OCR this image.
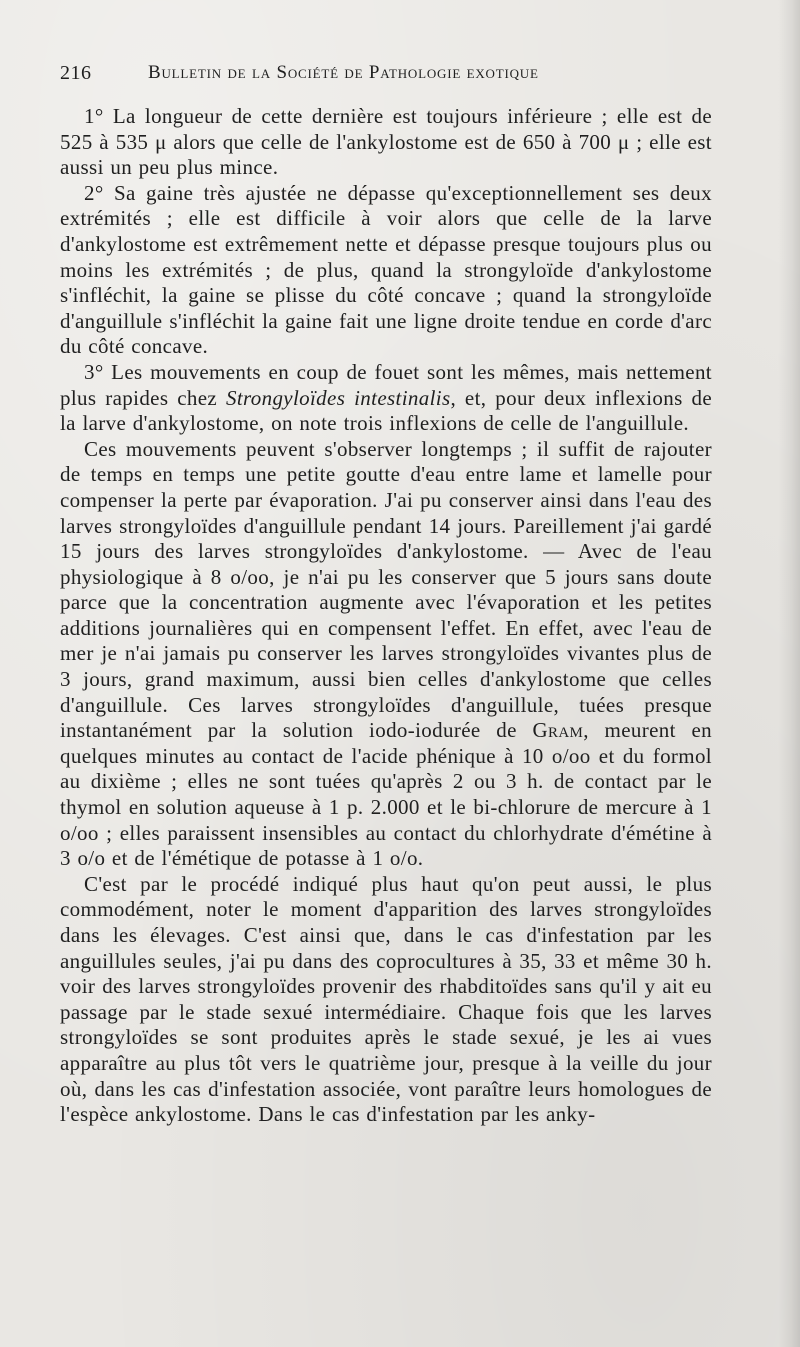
216	Bulletin de la Société de Pathologie exotique

1° La longueur de cette dernière est toujours inférieure ; elle est de 525 à 535 μ alors que celle de l'ankylostome est de 650 à 700 μ ; elle est aussi un peu plus mince.

2° Sa gaine très ajustée ne dépasse qu'exceptionnellement ses deux extrémités ; elle est difficile à voir alors que celle de la larve d'ankylostome est extrêmement nette et dépasse presque toujours plus ou moins les extrémités ; de plus, quand la strongyloïde d'ankylostome s'infléchit, la gaine se plisse du côté concave ; quand la strongyloïde d'anguillule s'infléchit la gaine fait une ligne droite tendue en corde d'arc du côté concave.

3° Les mouvements en coup de fouet sont les mêmes, mais nettement plus rapides chez Strongyloïdes intestinalis, et, pour deux inflexions de la larve d'ankylostome, on note trois inflexions de celle de l'anguillule.

Ces mouvements peuvent s'observer longtemps ; il suffit de rajouter de temps en temps une petite goutte d'eau entre lame et lamelle pour compenser la perte par évaporation. J'ai pu conserver ainsi dans l'eau des larves strongyloïdes d'anguillule pendant 14 jours. Pareillement j'ai gardé 15 jours des larves strongyloïdes d'ankylostome. — Avec de l'eau physiologique à 8 o/oo, je n'ai pu les conserver que 5 jours sans doute parce que la concentration augmente avec l'évaporation et les petites additions journalières qui en compensent l'effet. En effet, avec l'eau de mer je n'ai jamais pu conserver les larves strongyloïdes vivantes plus de 3 jours, grand maximum, aussi bien celles d'ankylostome que celles d'anguillule. Ces larves strongyloïdes d'anguillule, tuées presque instantanément par la solution iodo-iodurée de Gram, meurent en quelques minutes au contact de l'acide phénique à 10 o/oo et du formol au dixième ; elles ne sont tuées qu'après 2 ou 3 h. de contact par le thymol en solution aqueuse à 1 p. 2.000 et le bi-chlorure de mercure à 1 o/oo ; elles paraissent insensibles au contact du chlorhydrate d'émétine à 3 o/o et de l'émétique de potasse à 1 o/o.

C'est par le procédé indiqué plus haut qu'on peut aussi, le plus commodément, noter le moment d'apparition des larves strongyloïdes dans les élevages. C'est ainsi que, dans le cas d'infestation par les anguillules seules, j'ai pu dans des coprocultures à 35, 33 et même 30 h. voir des larves strongyloïdes provenir des rhabditoïdes sans qu'il y ait eu passage par le stade sexué intermédiaire. Chaque fois que les larves strongyloïdes se sont produites après le stade sexué, je les ai vues apparaître au plus tôt vers le quatrième jour, presque à la veille du jour où, dans les cas d'infestation associée, vont paraître leurs homologues de l'espèce ankylostome. Dans le cas d'infestation par les anky-
